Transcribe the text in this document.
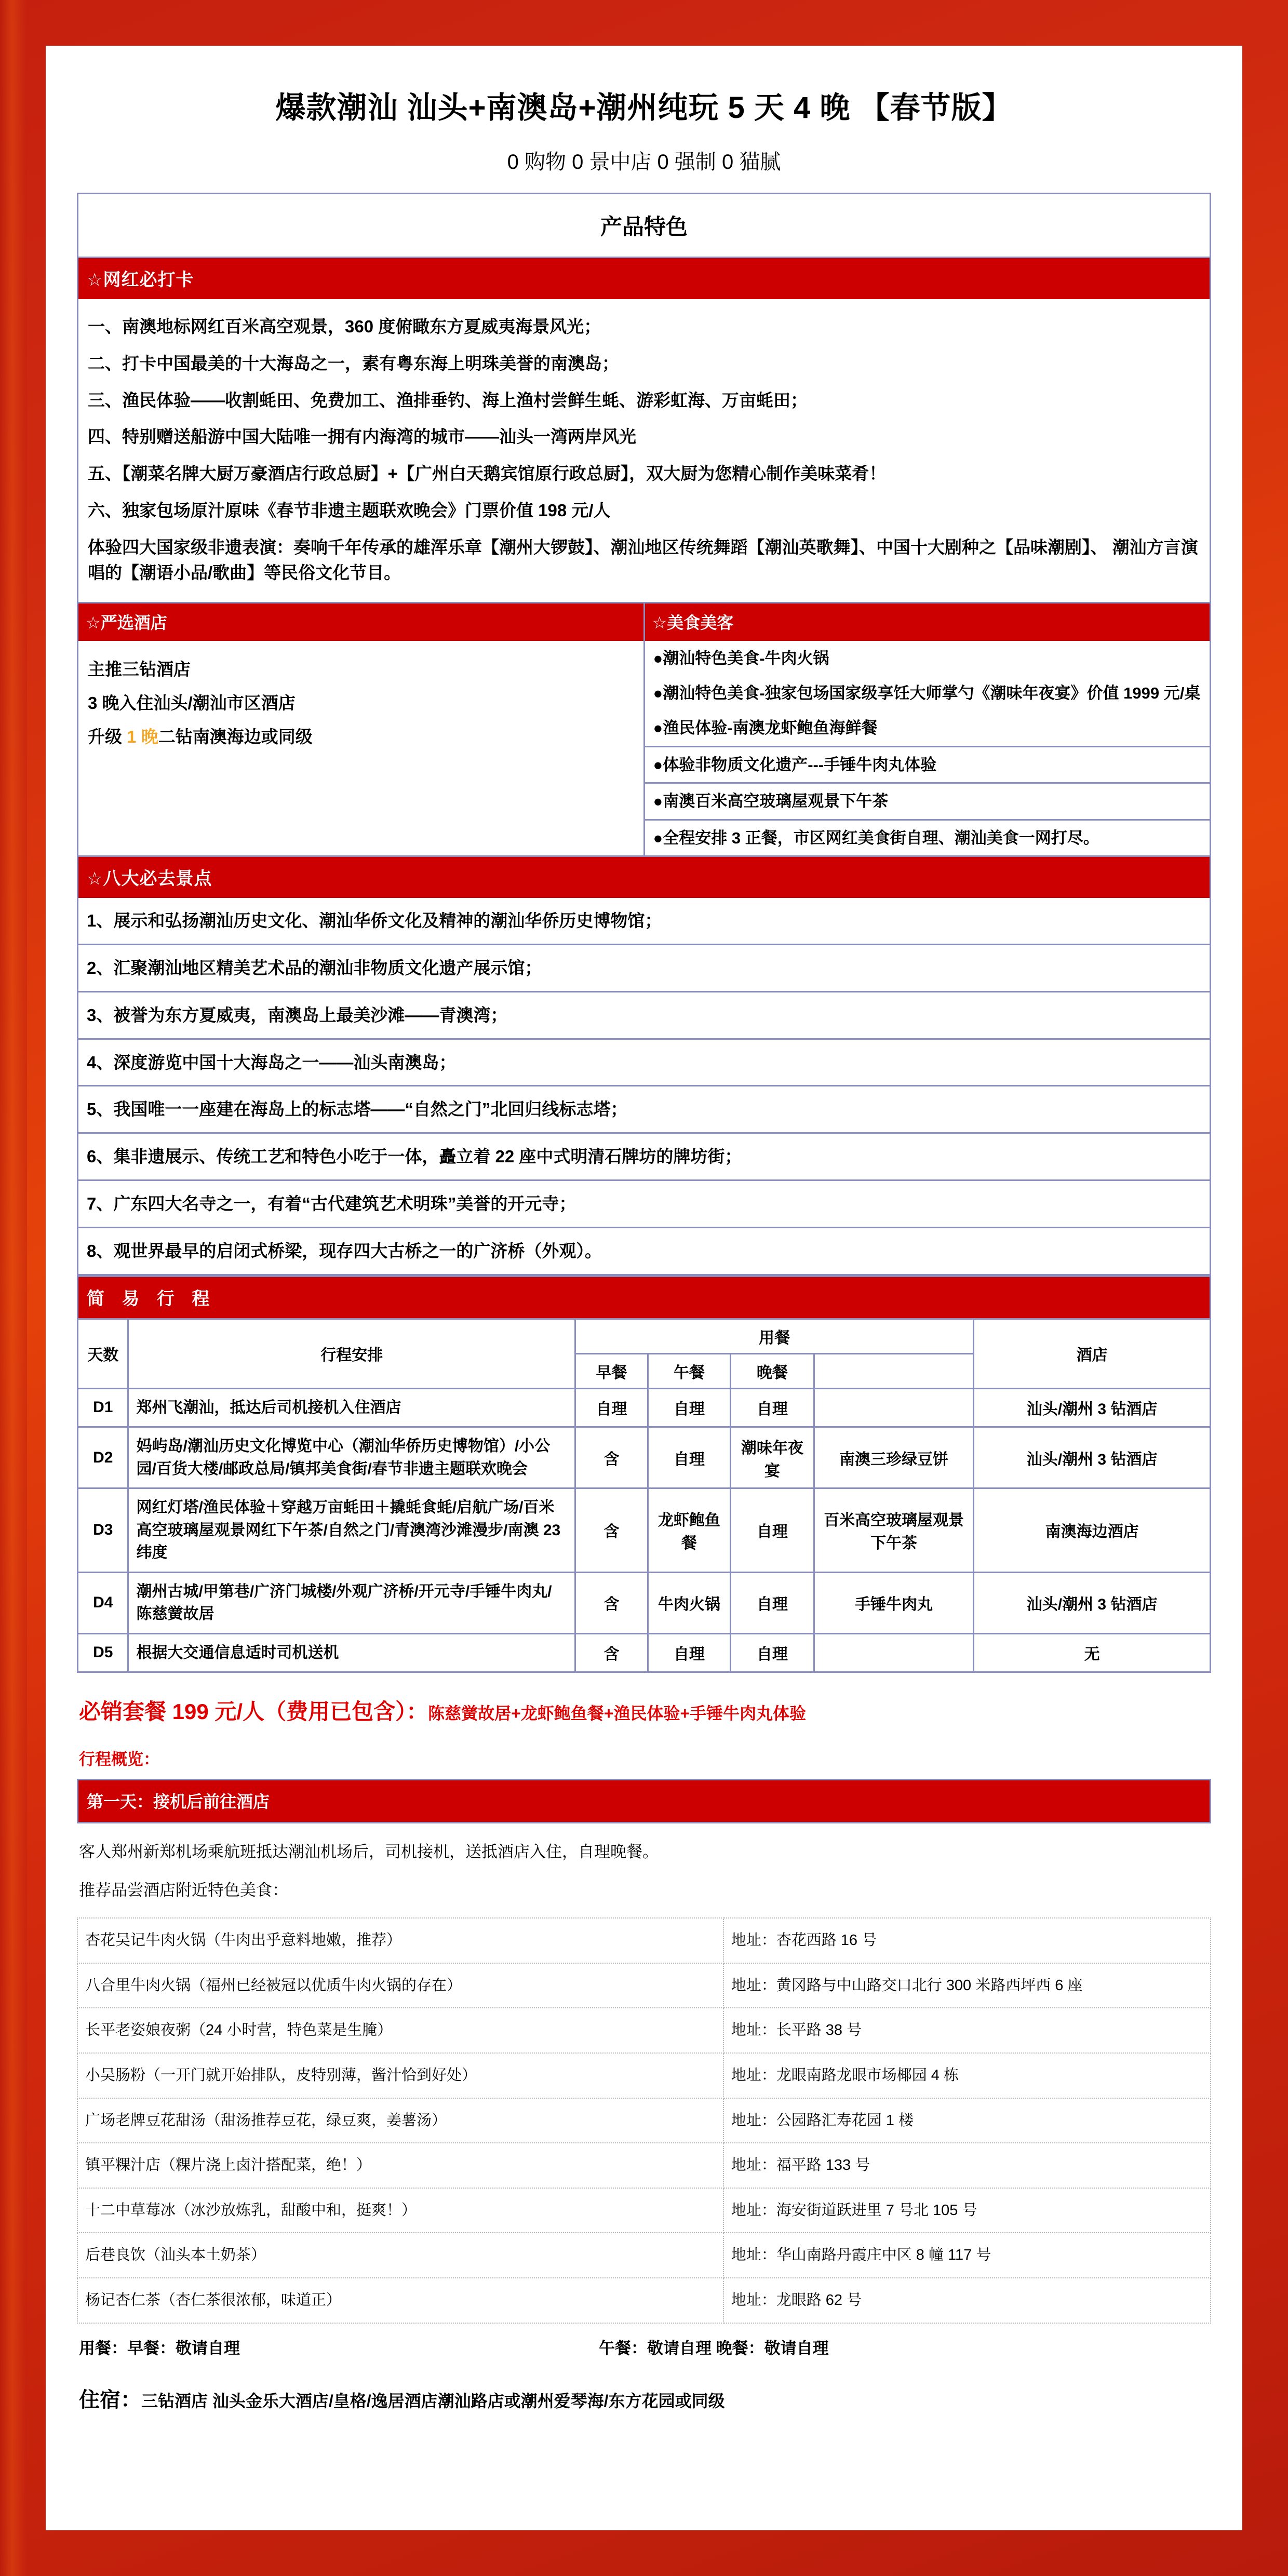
爆款潮汕 汕头+南澳岛+潮州纯玩 5 天 4 晚 【春节版】
0 购物 0 景中店 0 强制 0 猫腻
产品特色
☆网红必打卡

一、南澳地标网红百米高空观景，360 度俯瞰东方夏威夷海景风光；

二、打卡中国最美的十大海岛之一，素有粤东海上明珠美誉的南澳岛；

三、渔民体验——收割蚝田、免费加工、渔排垂钓、海上渔村尝鲜生蚝、游彩虹海、万亩蚝田；

四、特别赠送船游中国大陆唯一拥有内海湾的城市——汕头一湾两岸风光

五、【潮菜名牌大厨万豪酒店行政总厨】+【广州白天鹅宾馆原行政总厨】，双大厨为您精心制作美味菜肴！

六、独家包场原汁原味《春节非遗主题联欢晚会》门票价值 198 元/人

体验四大国家级非遗表演：奏响千年传承的雄浑乐章【潮州大锣鼓】、潮汕地区传统舞蹈【潮汕英歌舞】、中国十大剧种之【品味潮剧】、 潮汕方言演唱的【潮语小品/歌曲】等民俗文化节目。

☆严选酒店

主推三钻酒店

3 晚入住汕头/潮汕市区酒店

升级 1 晚二钻南澳海边或同级

☆美食美客
●潮汕特色美食-牛肉火锅
●潮汕特色美食-独家包场国家级享饪大师掌勺《潮味年夜宴》价值 1999 元/桌
●渔民体验-南澳龙虾鲍鱼海鲜餐
●体验非物质文化遗产---手锤牛肉丸体验
●南澳百米高空玻璃屋观景下午茶
●全程安排 3 正餐，市区网红美食街自理、潮汕美食一网打尽。
☆八大必去景点
1、展示和弘扬潮汕历史文化、潮汕华侨文化及精神的潮汕华侨历史博物馆；
2、汇聚潮汕地区精美艺术品的潮汕非物质文化遗产展示馆；
3、被誉为东方夏威夷，南澳岛上最美沙滩——青澳湾；
4、深度游览中国十大海岛之一——汕头南澳岛；
5、我国唯一一座建在海岛上的标志塔——“自然之门”北回归线标志塔；
6、集非遗展示、传统工艺和特色小吃于一体，矗立着 22 座中式明清石牌坊的牌坊街；
7、广东四大名寺之一，有着“古代建筑艺术明珠”美誉的开元寺；
8、观世界最早的启闭式桥梁，现存四大古桥之一的广济桥（外观）。
简 易 行 程
天数	行程安排	用餐				酒店
		早餐	午餐	晚餐		
D1	郑州飞潮汕，抵达后司机接机入住酒店	自理	自理	自理		汕头/潮州 3 钻酒店
D2	妈屿岛/潮汕历史文化博览中心（潮汕华侨历史博物馆）/小公园/百货大楼/邮政总局/镇邦美食街/春节非遗主题联欢晚会	含	自理	潮味年夜宴	南澳三珍绿豆饼	汕头/潮州 3 钻酒店
D3	网红灯塔/渔民体验＋穿越万亩蚝田＋撬蚝食蚝/启航广场/百米高空玻璃屋观景网红下午茶/自然之门/青澳湾沙滩漫步/南澳 23 纬度	含	龙虾鲍鱼餐	自理	百米高空玻璃屋观景下午茶	南澳海边酒店
D4	潮州古城/甲第巷/广济门城楼/外观广济桥/开元寺/手锤牛肉丸/陈慈黉故居	含	牛肉火锅	自理	手锤牛肉丸	汕头/潮州 3 钻酒店
D5	根据大交通信息适时司机送机	含	自理	自理		无
必销套餐 199 元/人（费用已包含）：陈慈黉故居+龙虾鲍鱼餐+渔民体验+手锤牛肉丸体验
行程概览：
第一天：接机后前往酒店
客人郑州新郑机场乘航班抵达潮汕机场后，司机接机，送抵酒店入住，自理晚餐。
推荐品尝酒店附近特色美食：
杏花吴记牛肉火锅（牛肉出乎意料地嫩，推荐）	地址：杏花西路 16 号
八合里牛肉火锅（福州已经被冠以优质牛肉火锅的存在）	地址：黄冈路与中山路交口北行 300 米路西坪西 6 座
长平老姿娘夜粥（24 小时营，特色菜是生腌）	地址：长平路 38 号
小吴肠粉（一开门就开始排队，皮特别薄，酱汁恰到好处）	地址：龙眼南路龙眼市场椰园 4 栋
广场老牌豆花甜汤（甜汤推荐豆花，绿豆爽，姜薯汤）	地址：公园路汇寿花园 1 楼
镇平粿汁店（粿片浇上卤汁搭配菜，绝！）	地址：福平路 133 号
十二中草莓冰（冰沙放炼乳，甜酸中和，挺爽！）	地址：海安街道跃进里 7 号北 105 号
后巷良饮（汕头本土奶茶）	地址：华山南路丹霞庄中区 8 幢 117 号
杨记杏仁茶（杏仁茶很浓郁，味道正）	地址：龙眼路 62 号
用餐：早餐：敬请自理	午餐：敬请自理 晚餐：敬请自理
住宿：三钻酒店 汕头金乐大酒店/皇格/逸居酒店潮汕路店或潮州爱琴海/东方花园或同级
